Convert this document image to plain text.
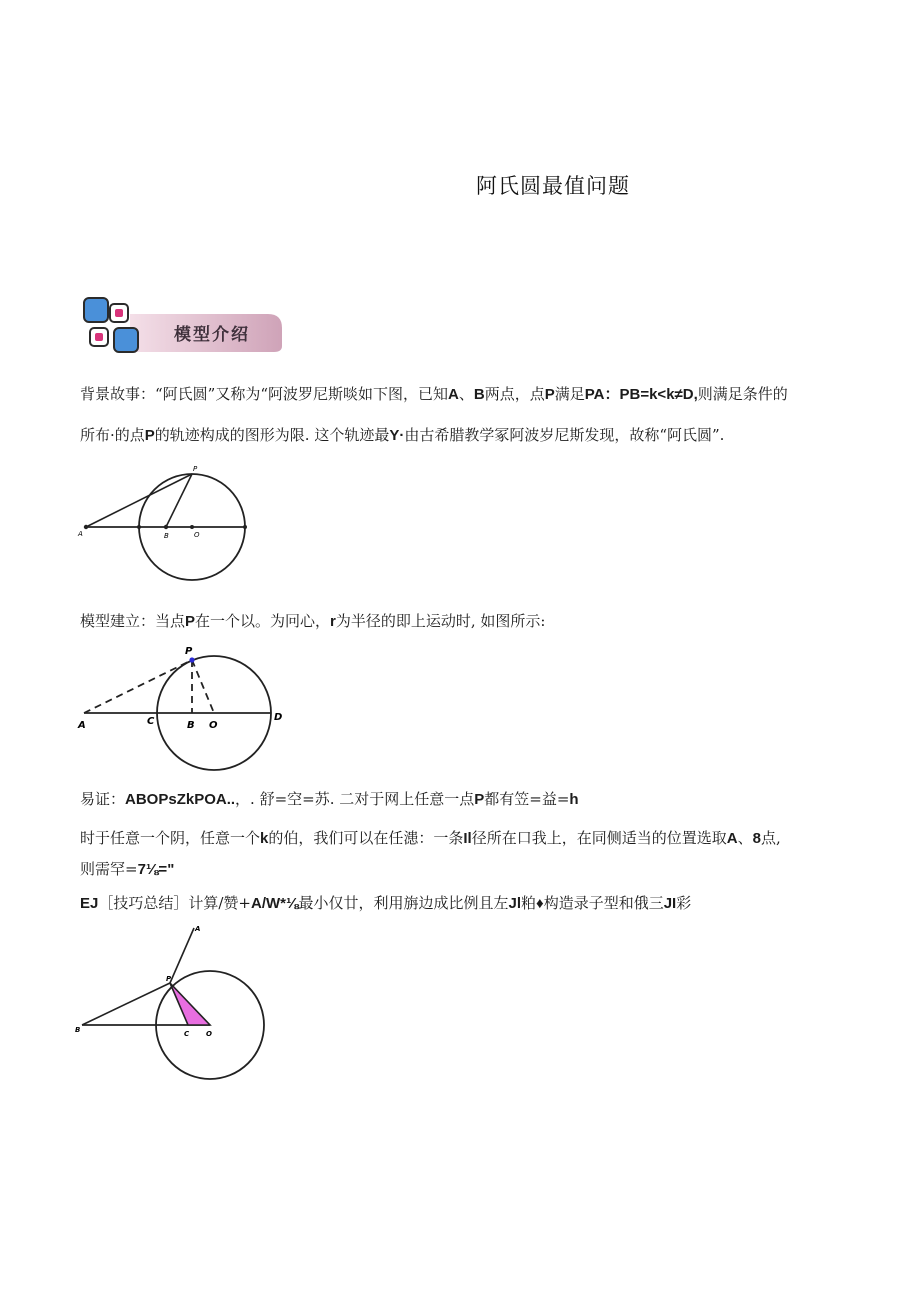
阿氏圆最值问题
模型介绍
背景故事：“阿氏圆”又称为“阿波罗尼斯啖如下图，已知A、B两点，点P满足PA：PB=k<k≠D,则满足条件的
所布·的点P的轨迹构成的图形为限. 这个轨迹最Y·由古希腊教学冢阿波岁尼斯发现，故称“阿氏圆”.
A	B	O
P
模型建立：当点P在一个以。为冋心，r为半径的即上运动时, 如图所示:
A	C	B O
D
P
易证：ABOPsZkPOA..，. 舒=空=苏. 二对于网上任意一点P都有笠=益=h
时于任意一个阴，任意一个k的伯，我们可以在任漶：一条Il径所在口我上，在同侧适当的位置选取A、8点,
则需罕=7⅛="
EJ［技巧总结］计算/赞+A/W*⅛最小仅廿，利用旃边成比例且左Jl粕♦构造录子型和俄三JI彩
A
B
P
C O
